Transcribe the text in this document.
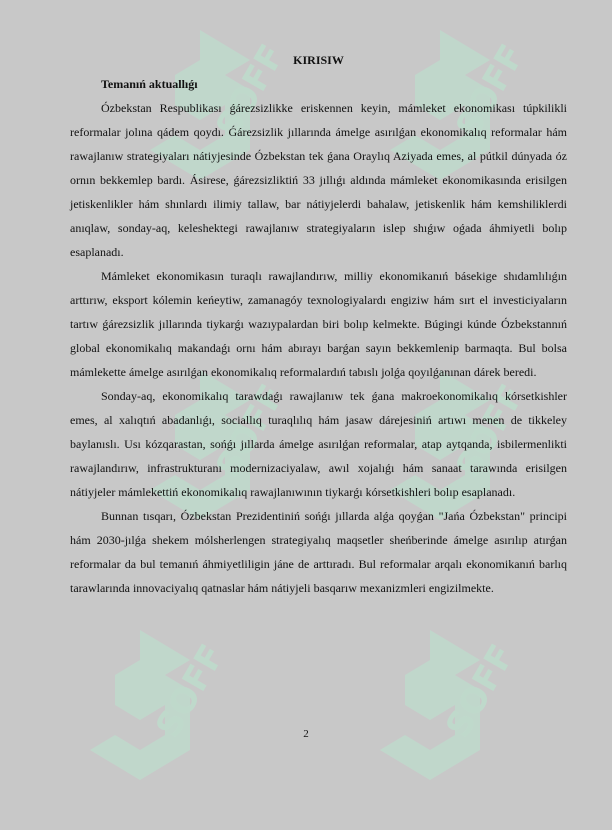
SOFF	SOFF
SOFF	SOFF
SOFF	SOFF
KIRISIW
Temanıń aktuallıǵı

Ózbekstan Respublikası ǵárezsizlikke eriskennen keyin, mámleket ekonomikası túpkilikli reformalar jolına qádem qoydı. Ǵárezsizlik jıllarında ámelge asırılǵan ekonomikalıq reformalar hám rawajlanıw strategiyaları nátiyjesinde Ózbekstan tek ǵana Oraylıq Aziyada emes, al pútkil dúnyada óz ornın bekkemlep bardı. Ásirese, ǵárezsizliktiń 33 jıllıǵı aldında mámleket ekonomikasında erisilgen jetiskenlikler hám shınlardı ilimiy tallaw, bar nátiyjelerdi bahalaw, jetiskenlik hám kemshiliklerdi anıqlaw, sonday-aq, keleshektegi rawajlanıw strategiyaların islep shıǵıw oǵada áhmiyetli bolıp esaplanadı.

Mámleket ekonomikasın turaqlı rawajlandırıw, milliy ekonomikanıń básekige shıdamlılıǵın arttırıw, eksport kólemin keńeytiw, zamanagóy texnologiyalardı engiziw hám sırt el investiciyaların tartıw ǵárezsizlik jıllarında tiykarǵı wazıypalardan biri bolıp kelmekte. Búgingi kúnde Ózbekstannıń global ekonomikalıq makandaǵı ornı hám abırayı barǵan sayın bekkemlenip barmaqta. Bul bolsa mámlekette ámelge asırılǵan ekonomikalıq reformalardıń tabıslı jolǵa qoyılǵanınan dárek beredi.

Sonday-aq, ekonomikalıq tarawdaǵı rawajlanıw tek ǵana makroekonomikalıq kórsetkishler emes, al xalıqtıń abadanlıǵı, sociallıq turaqlılıq hám jasaw dárejesiniń artıwı menen de tikkeley baylanıslı. Usı kózqarastan, sońǵı jıllarda ámelge asırılǵan reformalar, atap aytqanda, isbilermenlikti rawajlandırıw, infrastrukturanı modernizaciyalaw, awıl xojalıǵı hám sanaat tarawında erisilgen nátiyjeler mámlekettiń ekonomikalıq rawajlanıwının tiykarǵı kórsetkishleri bolıp esaplanadı.

Bunnan tısqarı, Ózbekstan Prezidentiniń sońǵı jıllarda alǵa qoyǵan "Jańa Ózbekstan" principi hám 2030-jılǵa shekem mólsherlengen strategiyalıq maqsetler sheńberinde ámelge asırılıp atırǵan reformalar da bul temanıń áhmiyetliligin jáne de arttıradı. Bul reformalar arqalı ekonomikanıń barlıq tarawlarında innovaciyalıq qatnaslar hám nátiyjeli basqarıw mexanizmleri engizilmekte.

2
